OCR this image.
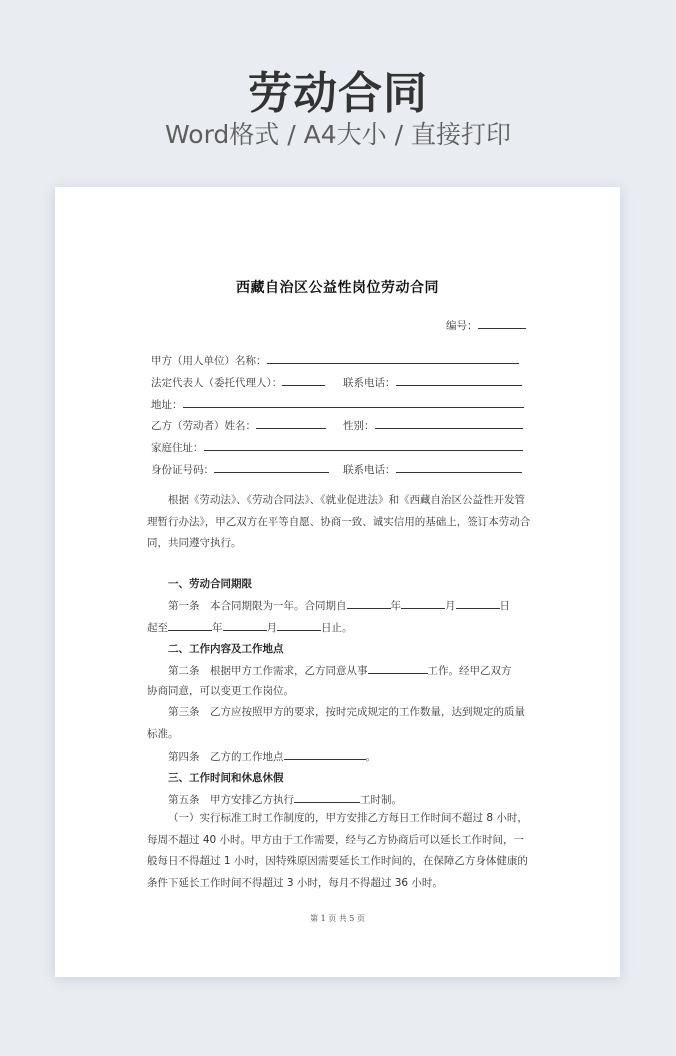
劳动合同
Word格式 / A4大小 / 直接打印
西藏自治区公益性岗位劳动合同
编号：
甲方（用人单位）名称：
法定代表人（委托代理人）：	联系电话：
地址：
乙方（劳动者）姓名：	性别：
家庭住址：
身份证号码：	联系电话：
根据《劳动法》、《劳动合同法》、《就业促进法》和《西藏自治区公益性开发管理暂行办法》，甲乙双方在平等自愿、协商一致、诚实信用的基础上，签订本劳动合同，共同遵守执行。
一、劳动合同期限
第一条　本合同期限为一年。合同期自	年	月	日
起至	年	月	日止。
二、工作内容及工作地点
第二条　根据甲方工作需求，乙方同意从事	工作。经甲乙双方
协商同意，可以变更工作岗位。
第三条　乙方应按照甲方的要求，按时完成规定的工作数量，达到规定的质量标准。
第四条　乙方的工作地点	。
三、工作时间和休息休假
第五条　甲方安排乙方执行	工时制。
（一）实行标准工时工作制度的，甲方安排乙方每日工作时间不超过 8 小时，每周不超过 40 小时。甲方由于工作需要，经与乙方协商后可以延长工作时间，一般每日不得超过 1 小时，因特殊原因需要延长工作时间的，在保障乙方身体健康的条件下延长工作时间不得超过 3 小时，每月不得超过 36 小时。
第 1 页 共 5 页
